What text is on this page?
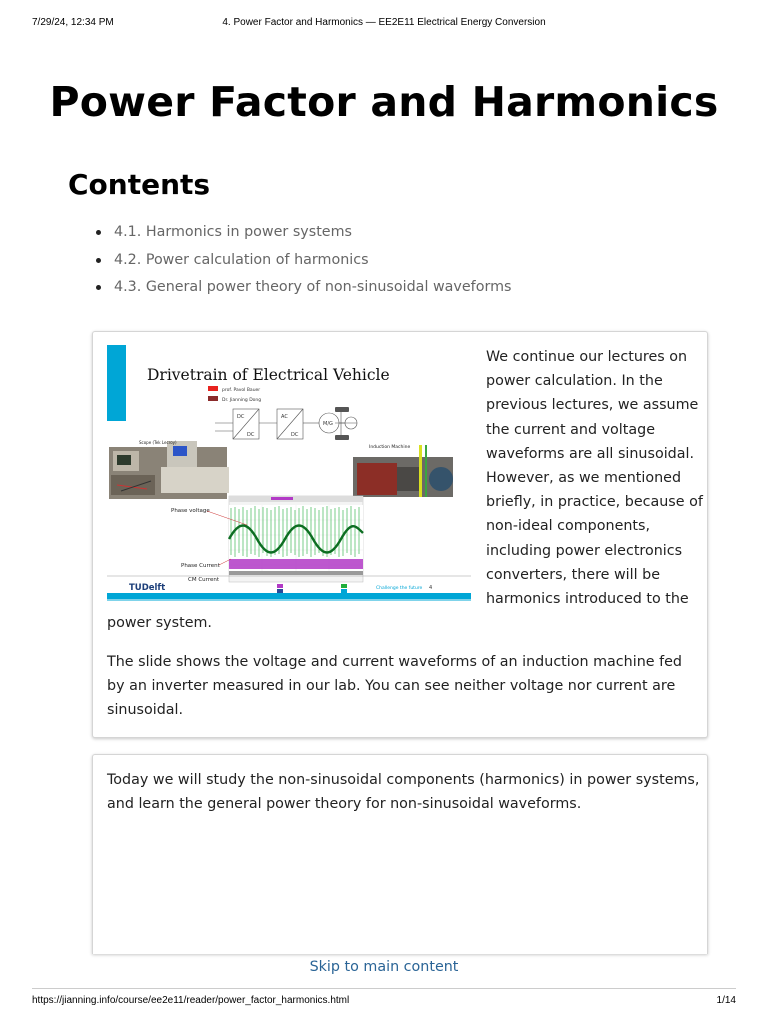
7/29/24, 12:34 PM	4. Power Factor and Harmonics — EE2E11 Electrical Energy Conversion
Power Factor and Harmonics
Contents
4.1. Harmonics in power systems
4.2. Power calculation of harmonics
4.3. General power theory of non-sinusoidal waveforms
Drivetrain of Electrical Vehicle
prof. Pavol Bauer
Dr. Jianning Dong
DC
DC
AC
DC
M/G
Scope (Tek Lecroy)
Induction Machine
Phase voltage
Phase Current
CM Current
TUDelft	Challenge the future 4

We continue our lectures on power calculation. In the previous lectures, we assume the current and voltage waveforms are all sinusoidal. However, as we mentioned briefly, in practice, because of non-ideal components, including power electronics converters, there will be harmonics introduced to the power system.

The slide shows the voltage and current waveforms of an induction machine fed by an inverter measured in our lab. You can see neither voltage nor current are sinusoidal.

Today we will study the non-sinusoidal components (harmonics) in power systems, and learn the general power theory for non-sinusoidal waveforms.

Skip to main content
https://jianning.info/course/ee2e11/reader/power_factor_harmonics.html	1/14
